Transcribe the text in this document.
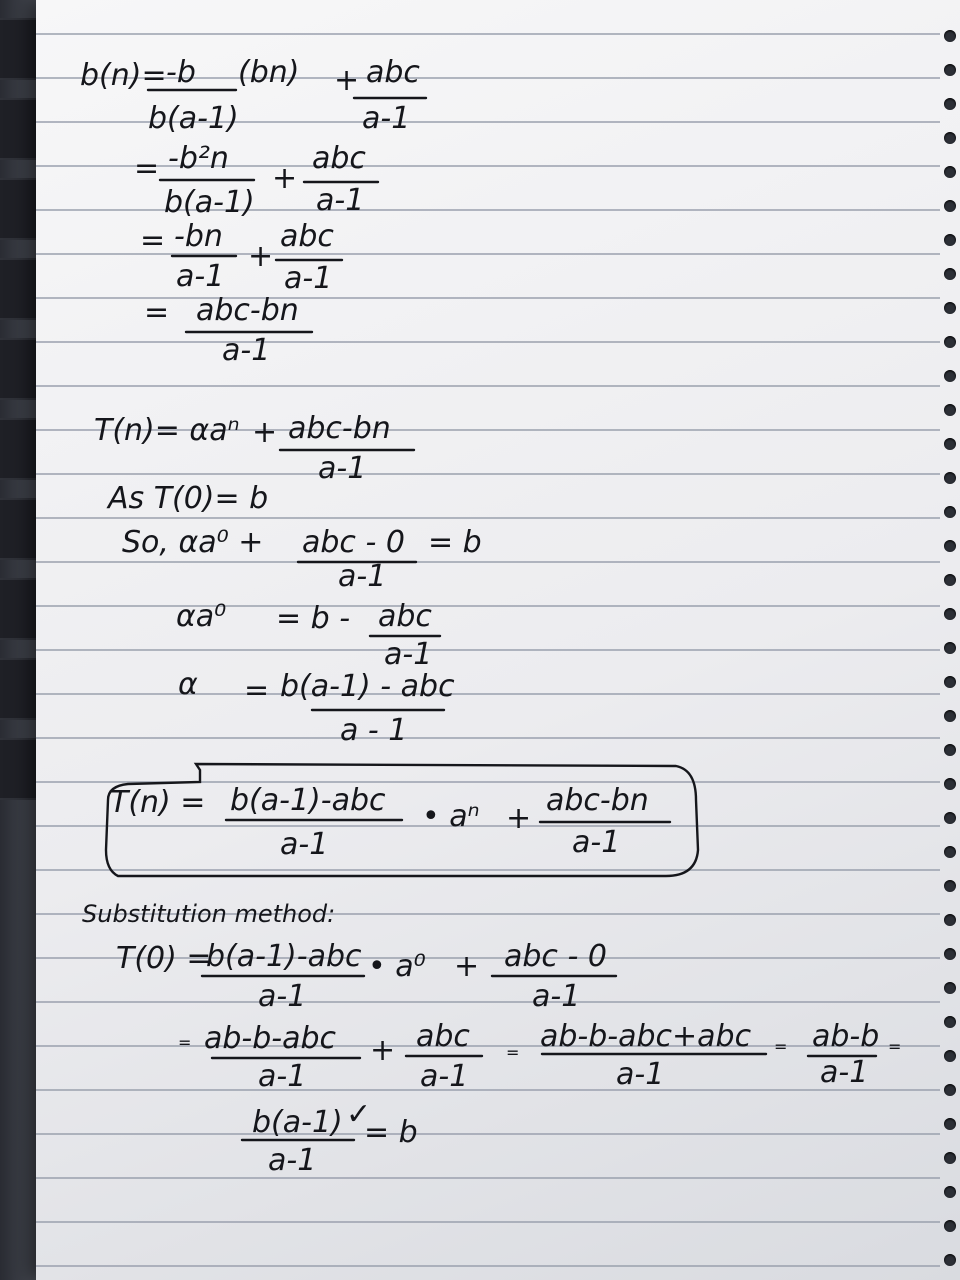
b(n)= -b
b(a-1)
(bn) + abc
a-1
= -b²n
b(a-1)
+
abc
a-1
= -bn
a-1
+
abc
a-1
= abc-bn
a-1
T(n)= αaⁿ + abc-bn
a-1
As T(0)= b
So, αa⁰ + abc - 0
a-1
= b
αa⁰ = b - abc
a-1
α = b(a-1) - abc
a - 1
T(n) = b(a-1)-abc
a-1
• aⁿ +
abc-bn
a-1
Substitution method:
T(0) =
b(a-1)-abc
a-1
• a⁰ + abc - 0
a-1
= ab-b-abc
a-1
+ abc
a-1
= ab-b-abc+abc
a-1
= ab-b
a-1
=
b(a-1) ✓
a-1
= b
